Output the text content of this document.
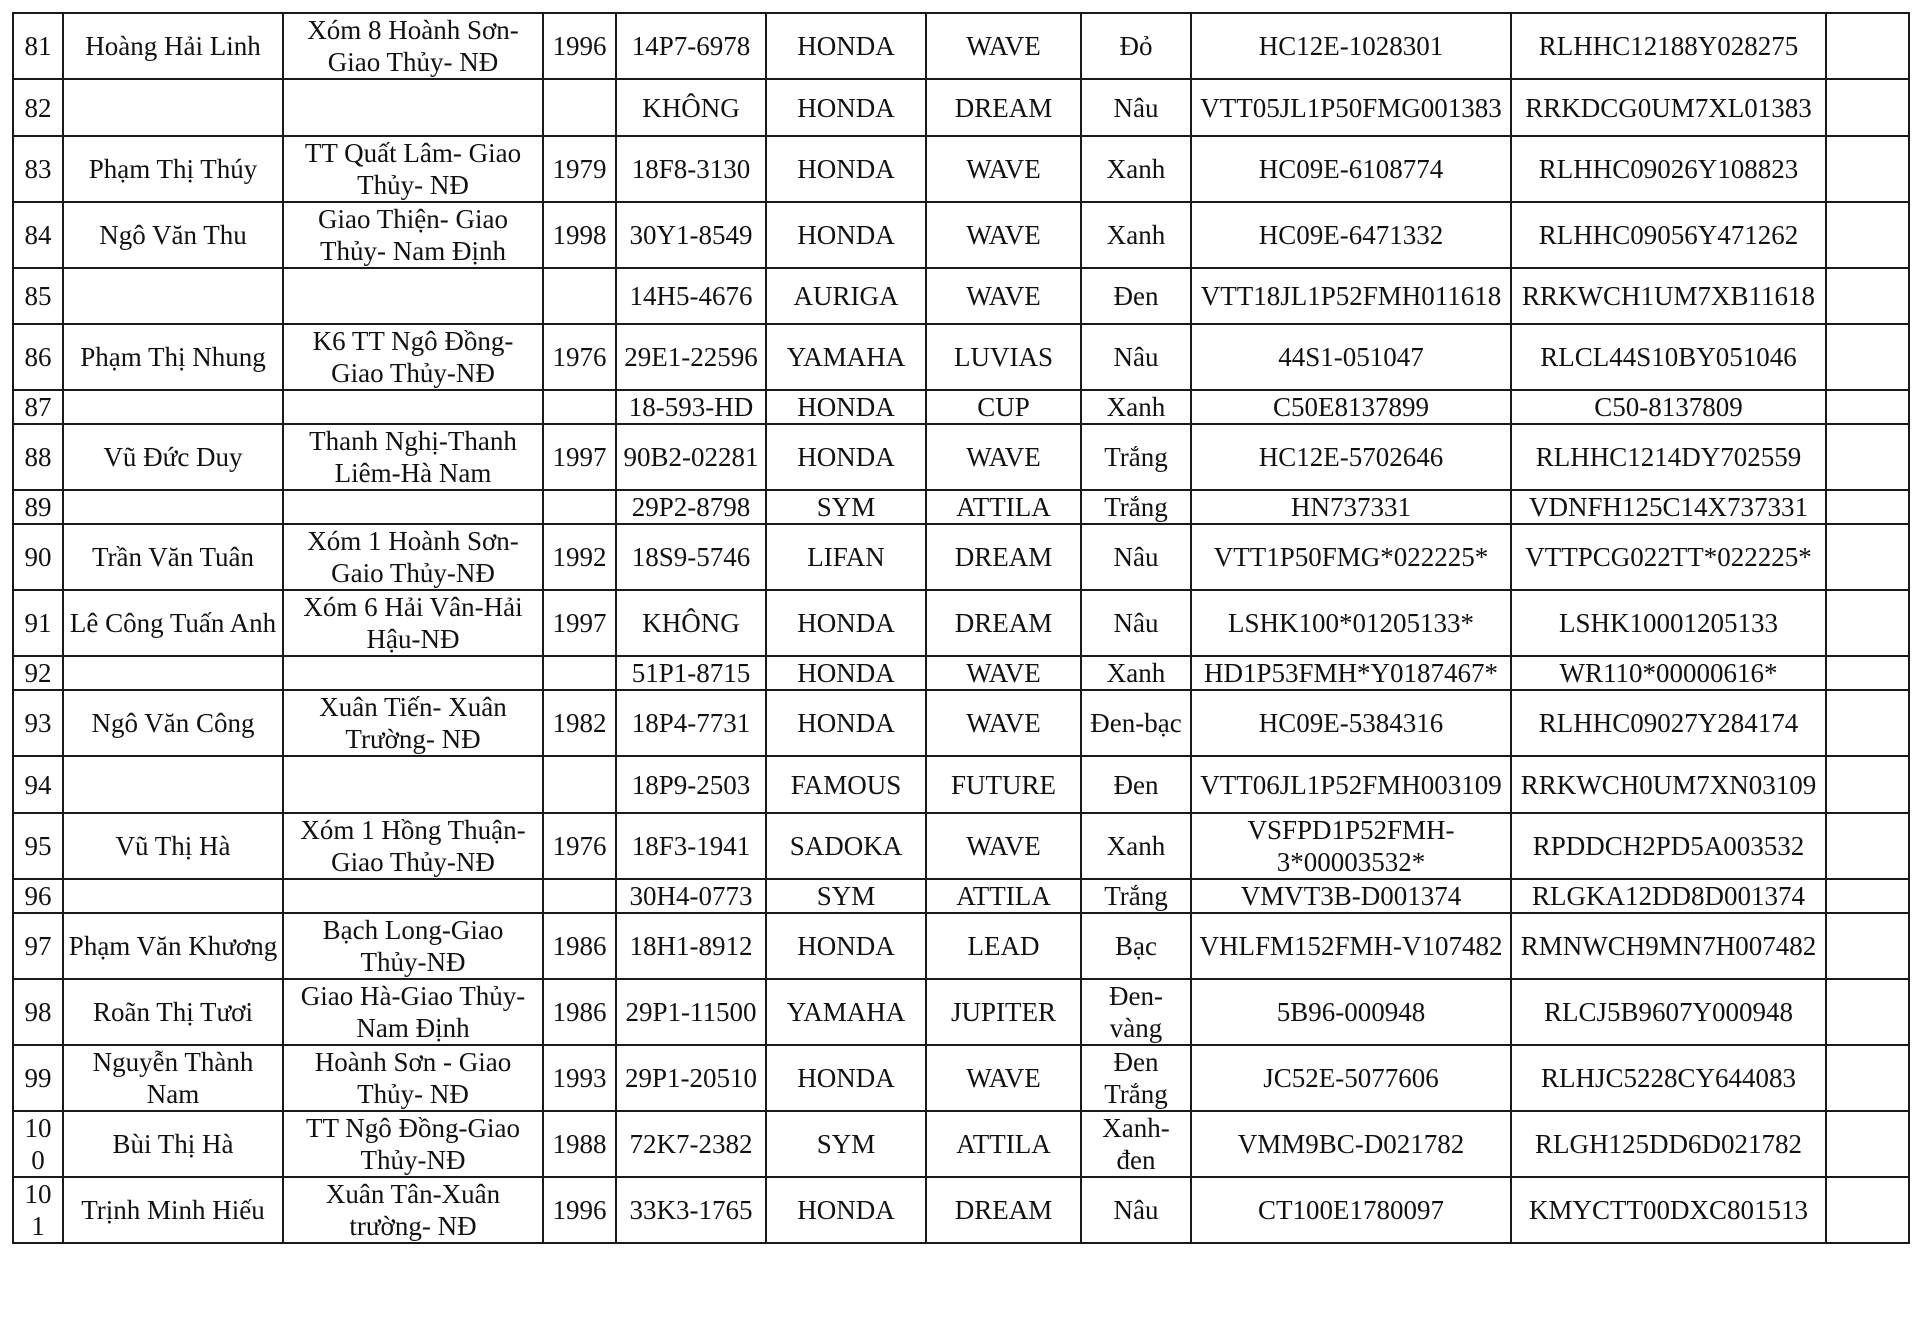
81	Hoàng Hải Linh	Xóm 8 Hoành Sơn- Giao Thủy- NĐ	1996	14P7-6978	HONDA	WAVE	Đỏ	HC12E-1028301	RLHHC12188Y028275	
82				KHÔNG	HONDA	DREAM	Nâu	VTT05JL1P50FMG001383	RRKDCG0UM7XL01383	
83	Phạm Thị Thúy	TT Quất Lâm- Giao Thủy- NĐ	1979	18F8-3130	HONDA	WAVE	Xanh	HC09E-6108774	RLHHC09026Y108823	
84	Ngô Văn Thu	Giao Thiện- Giao Thủy- Nam Định	1998	30Y1-8549	HONDA	WAVE	Xanh	HC09E-6471332	RLHHC09056Y471262	
85				14H5-4676	AURIGA	WAVE	Đen	VTT18JL1P52FMH011618	RRKWCH1UM7XB11618	
86	Phạm Thị Nhung	K6 TT Ngô Đồng- Giao Thủy-NĐ	1976	29E1-22596	YAMAHA	LUVIAS	Nâu	44S1-051047	RLCL44S10BY051046	
87				18-593-HD	HONDA	CUP	Xanh	C50E8137899	C50-8137809	
88	Vũ Đức Duy	Thanh Nghị-Thanh Liêm-Hà Nam	1997	90B2-02281	HONDA	WAVE	Trắng	HC12E-5702646	RLHHC1214DY702559	
89				29P2-8798	SYM	ATTILA	Trắng	HN737331	VDNFH125C14X737331	
90	Trần Văn Tuân	Xóm 1 Hoành Sơn- Gaio Thủy-NĐ	1992	18S9-5746	LIFAN	DREAM	Nâu	VTT1P50FMG*022225*	VTTPCG022TT*022225*	
91	Lê Công Tuấn Anh	Xóm 6 Hải Vân-Hải Hậu-NĐ	1997	KHÔNG	HONDA	DREAM	Nâu	LSHK100*01205133*	LSHK10001205133	
92				51P1-8715	HONDA	WAVE	Xanh	HD1P53FMH*Y0187467*	WR110*00000616*	
93	Ngô Văn Công	Xuân Tiến- Xuân Trường- NĐ	1982	18P4-7731	HONDA	WAVE	Đen-bạc	HC09E-5384316	RLHHC09027Y284174	
94				18P9-2503	FAMOUS	FUTURE	Đen	VTT06JL1P52FMH003109	RRKWCH0UM7XN03109	
95	Vũ Thị Hà	Xóm 1 Hồng Thuận- Giao Thủy-NĐ	1976	18F3-1941	SADOKA	WAVE	Xanh	VSFPD1P52FMH-3*00003532*	RPDDCH2PD5A003532	
96				30H4-0773	SYM	ATTILA	Trắng	VMVT3B-D001374	RLGKA12DD8D001374	
97	Phạm Văn Khương	Bạch Long-Giao Thủy-NĐ	1986	18H1-8912	HONDA	LEAD	Bạc	VHLFM152FMH-V107482	RMNWCH9MN7H007482	
98	Roãn Thị Tươi	Giao Hà-Giao Thủy- Nam Định	1986	29P1-11500	YAMAHA	JUPITER	Đen-vàng	5B96-000948	RLCJ5B9607Y000948	
99	Nguyễn Thành Nam	Hoành Sơn - Giao Thủy- NĐ	1993	29P1-20510	HONDA	WAVE	Đen Trắng	JC52E-5077606	RLHJC5228CY644083	
100	Bùi Thị Hà	TT Ngô Đồng-Giao Thủy-NĐ	1988	72K7-2382	SYM	ATTILA	Xanh-đen	VMM9BC-D021782	RLGH125DD6D021782	
101	Trịnh Minh Hiếu	Xuân Tân-Xuân trường- NĐ	1996	33K3-1765	HONDA	DREAM	Nâu	CT100E1780097	KMYCTT00DXC801513	
